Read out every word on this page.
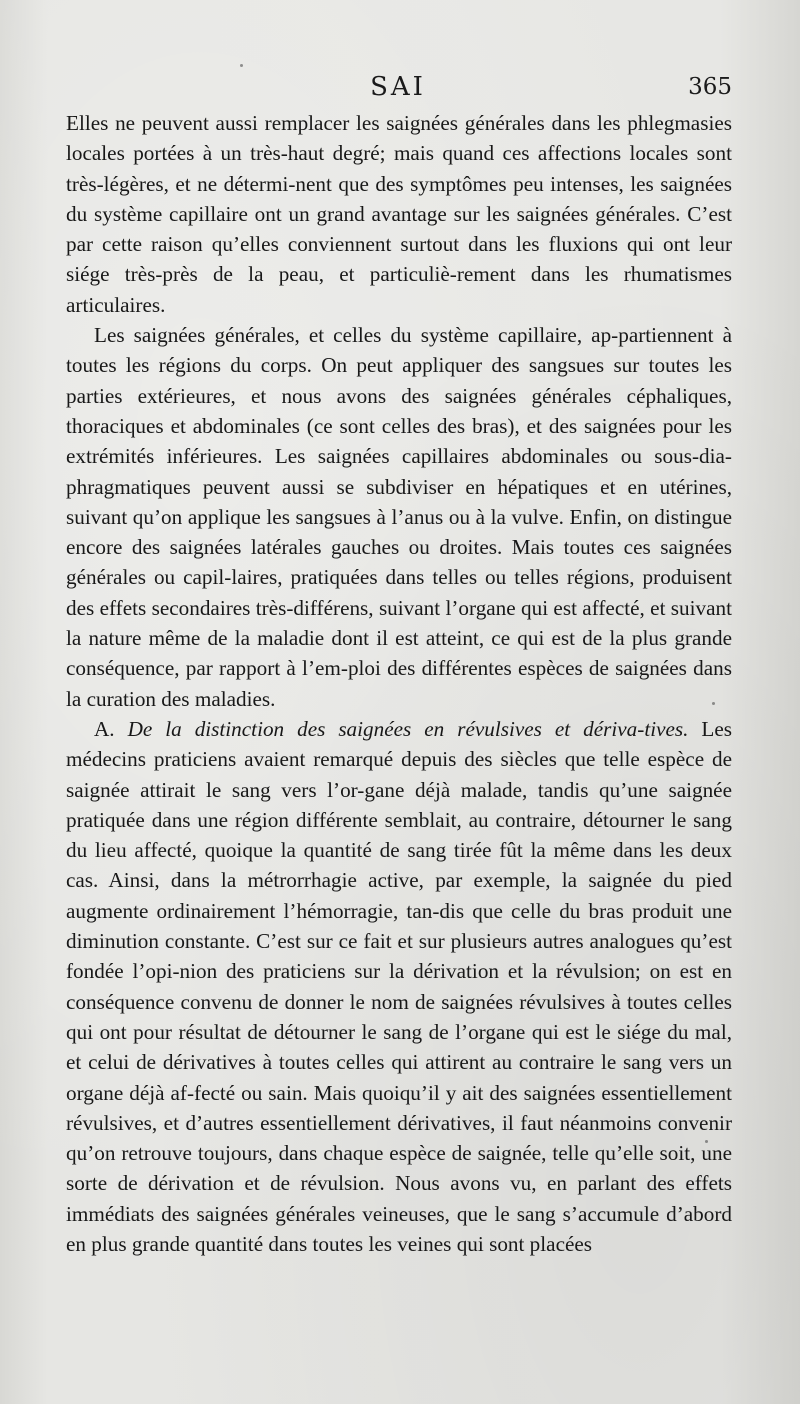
SAI	365

Elles ne peuvent aussi remplacer les saignées générales dans les phlegmasies locales portées à un très-haut degré; mais quand ces affections locales sont très-légères, et ne détermi-nent que des symptômes peu intenses, les saignées du système capillaire ont un grand avantage sur les saignées générales. C’est par cette raison qu’elles conviennent surtout dans les fluxions qui ont leur siége très-près de la peau, et particuliè-rement dans les rhumatismes articulaires.

Les saignées générales, et celles du système capillaire, ap-partiennent à toutes les régions du corps. On peut appliquer des sangsues sur toutes les parties extérieures, et nous avons des saignées générales céphaliques, thoraciques et abdominales (ce sont celles des bras), et des saignées pour les extrémités inférieures. Les saignées capillaires abdominales ou sous-dia-phragmatiques peuvent aussi se subdiviser en hépatiques et en utérines, suivant qu’on applique les sangsues à l’anus ou à la vulve. Enfin, on distingue encore des saignées latérales gauches ou droites. Mais toutes ces saignées générales ou capil-laires, pratiquées dans telles ou telles régions, produisent des effets secondaires très-différens, suivant l’organe qui est affecté, et suivant la nature même de la maladie dont il est atteint, ce qui est de la plus grande conséquence, par rapport à l’em-ploi des différentes espèces de saignées dans la curation des maladies.

A. De la distinction des saignées en révulsives et dériva-tives. Les médecins praticiens avaient remarqué depuis des siècles que telle espèce de saignée attirait le sang vers l’or-gane déjà malade, tandis qu’une saignée pratiquée dans une région différente semblait, au contraire, détourner le sang du lieu affecté, quoique la quantité de sang tirée fût la même dans les deux cas. Ainsi, dans la métrorrhagie active, par exemple, la saignée du pied augmente ordinairement l’hémorragie, tan-dis que celle du bras produit une diminution constante. C’est sur ce fait et sur plusieurs autres analogues qu’est fondée l’opi-nion des praticiens sur la dérivation et la révulsion; on est en conséquence convenu de donner le nom de saignées révulsives à toutes celles qui ont pour résultat de détourner le sang de l’organe qui est le siége du mal, et celui de dérivatives à toutes celles qui attirent au contraire le sang vers un organe déjà af-fecté ou sain. Mais quoiqu’il y ait des saignées essentiellement révulsives, et d’autres essentiellement dérivatives, il faut néanmoins convenir qu’on retrouve toujours, dans chaque espèce de saignée, telle qu’elle soit, une sorte de dérivation et de révulsion. Nous avons vu, en parlant des effets immédiats des saignées générales veineuses, que le sang s’accumule d’abord en plus grande quantité dans toutes les veines qui sont placées
